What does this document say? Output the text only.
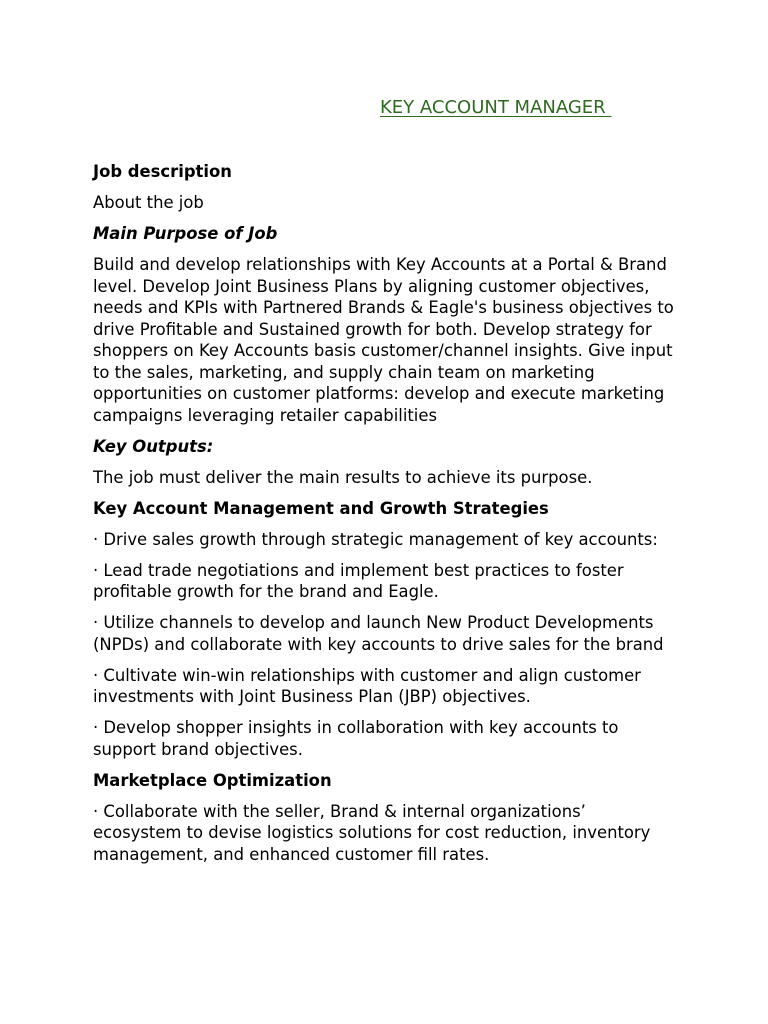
KEY ACCOUNT MANAGER

Job description

About the job

Main Purpose of Job

Build and develop relationships with Key Accounts at a Portal & Brand level. Develop Joint Business Plans by aligning customer objectives, needs and KPIs with Partnered Brands & Eagle's business objectives to drive Profitable and Sustained growth for both. Develop strategy for shoppers on Key Accounts basis customer/channel insights. Give input to the sales, marketing, and supply chain team on marketing opportunities on customer platforms: develop and execute marketing campaigns leveraging retailer capabilities

Key Outputs:

The job must deliver the main results to achieve its purpose.

Key Account Management and Growth Strategies

· Drive sales growth through strategic management of key accounts:

· Lead trade negotiations and implement best practices to foster profitable growth for the brand and Eagle.

· Utilize channels to develop and launch New Product Developments (NPDs) and collaborate with key accounts to drive sales for the brand

· Cultivate win-win relationships with customer and align customer investments with Joint Business Plan (JBP) objectives.

· Develop shopper insights in collaboration with key accounts to support brand objectives.

Marketplace Optimization

· Collaborate with the seller, Brand & internal organizations’ ecosystem to devise logistics solutions for cost reduction, inventory management, and enhanced customer fill rates.
